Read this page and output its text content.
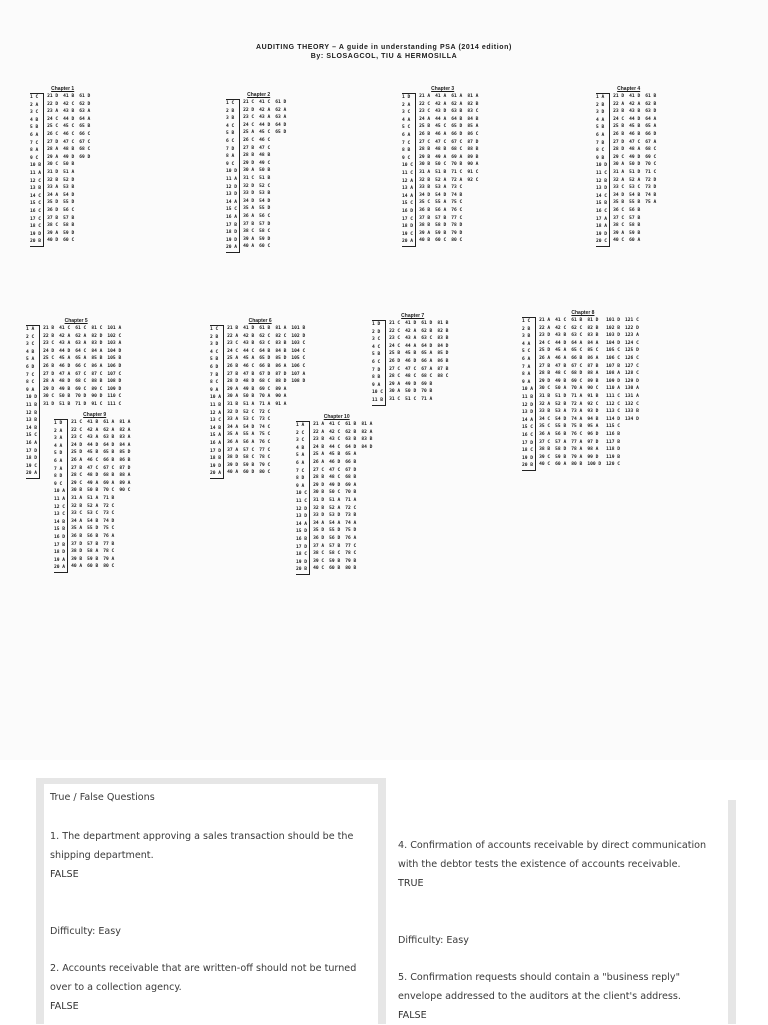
AUDITING THEORY – A guide in understanding PSA (2014 edition)
By: SLOSAGCOL, TIU & HERMOSILLA
Chapter 1
1 C
2 A
3 C
4 B
5 B
6 A
7 C
8 A
9 C
10 B
11 A
12 C
13 B
14 C
15 C
16 C
17 C
18 C
19 D
20 B
21 D
22 D
23 A
24 C
25 C
26 C
27 D
28 A
29 A
30 C
31 D
32 B
33 A
34 A
35 D
36 D
37 B
38 C
39 A
40 D
41 B
42 C
43 B
44 D
45 C
46 C
47 C
48 B
49 D
50 B
51 A
52 D
53 B
54 D
55 D
56 C
57 B
58 B
59 D
60 C
61 D
62 D
63 A
64 A
65 B
66 C
67 C
68 C
69 D
Chapter 2
1 C
2 B
3 B
4 C
5 B
6 C
7 D
8 A
9 C
10 D
11 A
12 D
13 D
14 A
15 C
16 A
17 B
18 D
19 D
20 A
21 C
22 D
23 C
24 C
25 A
26 C
27 B
28 B
29 D
30 A
31 C
32 D
33 D
34 D
35 A
36 A
37 B
38 C
39 A
40 A
41 C
42 A
43 A
44 D
45 C
46 C
47 C
48 B
49 C
50 B
51 B
52 C
53 B
54 D
55 D
56 C
57 D
58 C
59 D
60 C
61 D
62 A
63 A
64 D
65 D
Chapter 3
1 D
2 A
3 C
4 A
5 C
6 A
7 C
8 B
9 C
10 C
11 C
12 A
13 A
14 A
15 C
16 D
17 C
18 D
19 C
20 A
21 A
22 C
23 C
24 A
25 B
26 B
27 C
28 B
29 B
30 B
31 A
32 B
33 B
34 D
35 C
36 B
37 B
38 B
39 A
40 B
41 A
42 A
43 D
44 A
45 C
46 A
47 C
48 B
49 A
50 C
51 B
52 A
53 A
54 D
55 A
56 A
57 B
58 D
59 B
60 C
61 A
62 A
63 B
64 B
65 D
66 D
67 C
68 C
69 A
70 B
71 C
72 A
73 C
74 B
75 C
76 C
77 C
78 D
79 D
80 C
81 A
82 B
83 C
84 B
85 A
86 C
87 D
88 B
89 B
90 A
91 C
92 C
Chapter 4
1 A
2 B
3 D
4 A
5 B
6 A
7 B
8 C
9 B
10 D
11 C
12 B
13 D
14 C
15 B
16 C
17 A
18 A
19 D
20 C
21 D
22 A
23 B
24 C
25 B
26 B
27 D
28 D
29 C
30 A
31 A
32 A
33 C
34 D
35 B
36 C
37 C
38 C
39 A
40 C
41 D
42 A
43 B
44 D
45 B
46 B
47 C
48 A
49 D
50 D
51 D
52 A
53 C
54 B
55 B
56 B
57 B
58 B
59 B
60 A
61 B
62 B
63 D
64 A
65 A
66 D
67 A
68 C
69 C
70 C
71 C
72 D
73 D
74 B
75 A
Chapter 5
1 A
2 C
3 C
4 B
5 A
6 D
7 C
8 C
9 A
10 D
11 B
12 B
13 B
14 B
15 C
16 A
17 D
18 D
19 C
20 A
21 B
22 B
23 C
24 D
25 C
26 B
27 D
28 A
29 D
30 C
31 D
41 C
42 A
43 A
44 D
45 A
46 D
47 A
48 D
49 B
50 B
51 B
61 C
62 A
63 A
64 C
65 A
66 C
67 C
68 C
69 C
70 D
71 D
81 C
82 D
83 D
84 A
85 B
86 A
87 C
88 B
89 C
90 D
91 C
101 A
102 C
103 A
104 D
105 B
106 D
107 C
108 D
109 D
110 C
111 C
Chapter 6
1 C
2 B
3 D
4 C
5 B
6 D
7 B
8 C
9 A
10 A
11 B
12 A
13 C
14 B
15 A
16 A
17 D
18 B
19 D
20 A
21 B
22 A
23 C
24 C
25 A
26 B
27 B
28 D
29 A
30 A
31 B
32 D
33 A
34 A
35 A
36 A
37 A
38 D
39 D
40 A
41 D
42 B
43 B
44 C
45 A
46 C
47 B
48 D
49 B
50 B
51 A
52 C
53 C
54 D
55 A
56 A
57 C
58 C
59 B
60 D
61 B
62 C
63 C
64 B
65 D
66 B
67 D
68 C
69 C
70 A
71 A
72 C
73 C
74 C
75 C
76 C
77 C
78 C
79 C
80 C
81 A
82 C
83 B
84 B
85 D
86 A
87 D
88 D
89 A
90 A
91 A
101 B
102 D
103 C
104 C
105 C
106 C
107 A
108 D
Chapter 7
1 D
2 D
3 C
4 C
5 B
6 C
7 D
8 B
9 A
10 C
11 B
21 C
22 C
23 C
24 C
25 B
26 D
27 C
28 C
29 A
30 A
31 C
41 D
42 A
43 A
44 A
45 B
46 D
47 C
48 C
49 D
50 D
51 C
61 D
62 B
63 C
64 D
65 A
66 A
67 A
68 C
69 B
70 B
71 A
81 B
82 B
83 B
84 D
85 D
86 B
87 B
88 C
Chapter 8
1 C
2 B
3 B
4 A
5 C
6 A
7 A
8 A
9 A
10 A
11 B
12 D
13 D
14 A
15 C
16 C
17 D
18 C
19 D
20 B
21 A
22 A
23 D
24 C
25 D
26 A
27 B
28 B
29 D
30 C
31 B
32 A
33 B
34 C
35 C
36 A
37 C
38 B
39 C
40 C
41 C
42 C
43 B
44 D
45 A
46 A
47 B
48 C
49 B
50 A
51 D
52 B
53 A
54 D
55 B
56 B
57 A
58 D
59 B
60 A
61 B
62 C
63 C
64 A
65 C
66 B
67 C
68 D
69 C
70 A
71 A
72 A
73 A
74 A
75 B
76 C
77 A
78 A
79 A
80 B
81 D
82 B
83 B
84 A
85 C
86 A
87 B
88 A
89 B
90 C
91 B
92 C
93 D
94 B
95 A
96 D
97 D
98 A
99 D
100 D
101 D
102 B
103 D
104 D
105 C
106 C
107 B
108 A
109 D
110 A
111 C
112 C
113 C
114 D
115 C
116 B
117 B
118 D
119 B
120 C
121 C
122 D
123 A
124 C
125 D
126 C
127 C
128 C
129 D
130 A
131 A
132 C
133 B
134 D
Chapter 9
1 D
2 A
3 A
4 A
5 D
6 A
7 A
8 D
9 C
10 A
11 A
12 C
13 C
14 B
15 B
16 D
17 B
18 D
19 A
20 A
21 C
22 C
23 C
24 D
25 D
26 A
27 B
28 C
29 C
30 B
31 A
32 B
33 C
34 A
35 A
36 B
37 D
38 D
39 B
40 A
41 B
42 A
43 A
44 D
45 B
46 C
47 C
48 D
49 A
50 B
51 A
52 A
53 C
54 B
55 D
56 B
57 B
58 A
59 B
60 B
61 A
62 A
63 B
64 D
65 B
66 B
67 C
68 B
69 A
70 C
71 B
72 C
73 C
74 D
75 C
76 A
77 B
78 C
79 A
80 C
81 A
82 A
83 A
84 A
85 D
86 B
87 D
88 A
89 A
90 C
Chapter 10
1 A
2 C
3 C
4 B
5 A
6 A
7 C
8 D
9 A
10 C
11 C
12 D
13 D
14 A
15 D
16 B
17 D
18 C
19 D
20 B
21 A
22 A
23 B
24 B
25 A
26 A
27 C
28 B
29 D
30 B
31 D
32 B
33 D
34 A
35 D
36 D
37 A
38 C
39 C
40 C
41 C
42 C
43 C
44 C
45 B
46 D
47 C
48 C
49 D
50 C
51 A
52 A
53 D
54 A
55 D
56 D
57 B
58 C
59 B
60 B
61 B
62 B
63 B
64 D
65 A
66 B
67 D
68 B
69 A
70 B
71 A
72 C
73 B
74 A
75 D
76 A
77 C
78 C
79 B
80 B
81 A
82 A
83 B
84 D

True / False Questions

1. The department approving a sales transaction should be the shipping department.

FALSE

Difficulty: Easy

2. Accounts receivable that are written-off should not be turned over to a collection agency.

FALSE

4. Confirmation of accounts receivable by direct communication with the debtor tests the existence of accounts receivable.

TRUE

Difficulty: Easy

5. Confirmation requests should contain a "business reply" envelope addressed to the auditors at the client's address.

FALSE
